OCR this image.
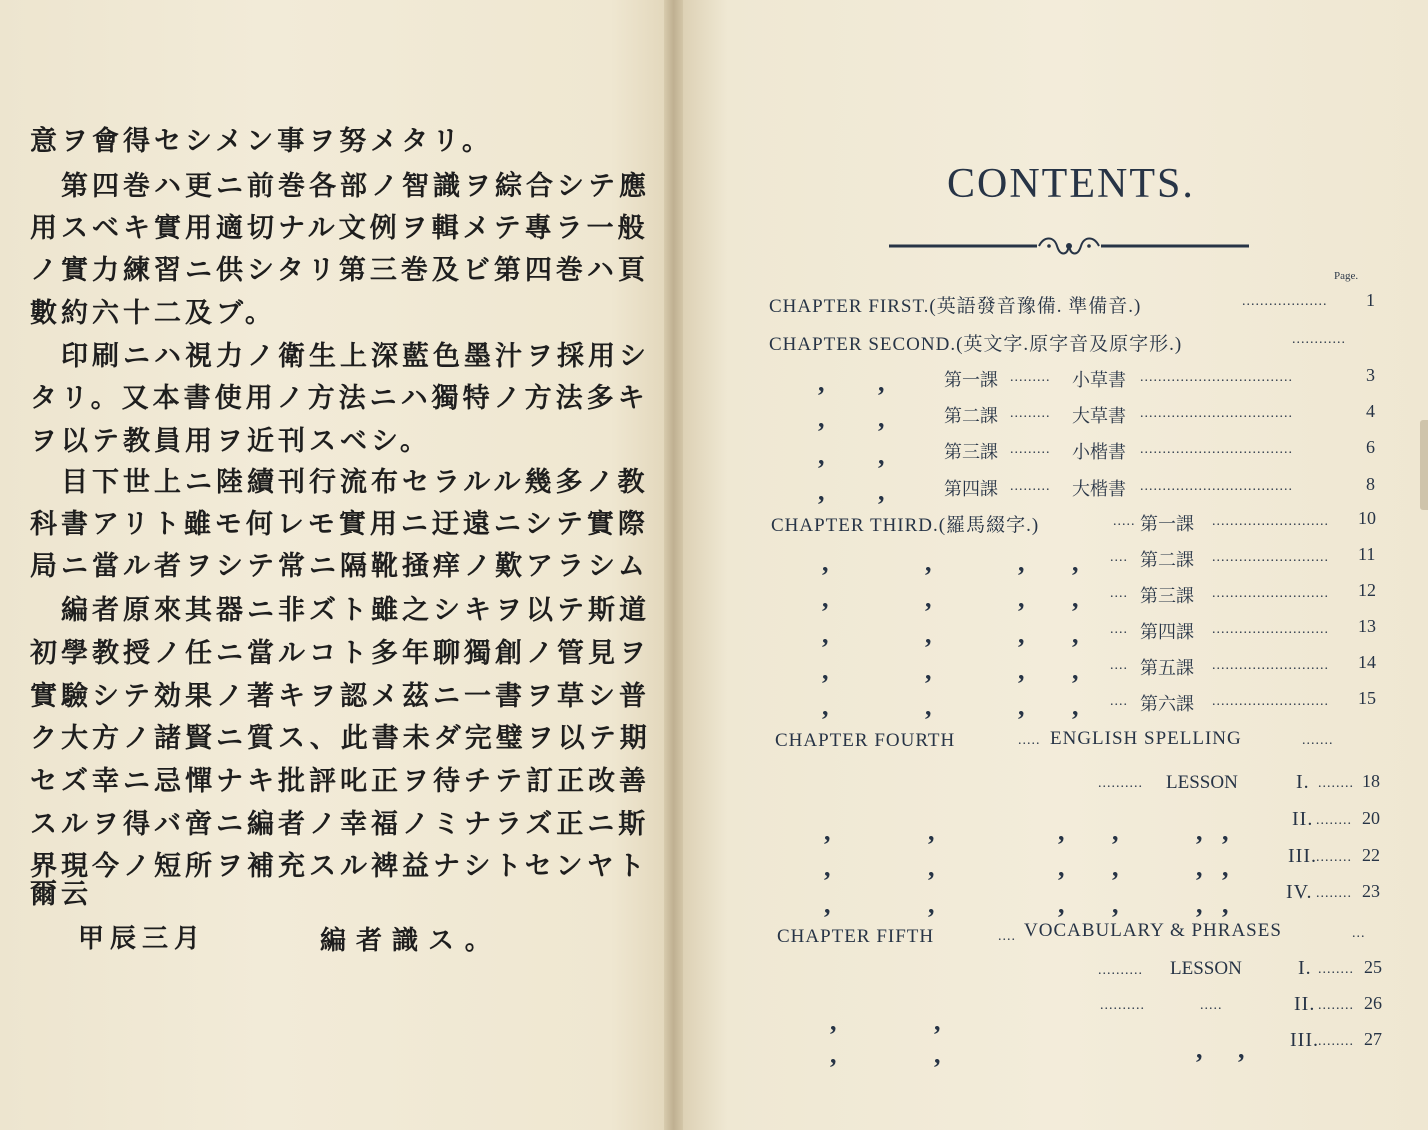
意ヲ會得セシメン事ヲ努メタリ。
　第四巻ハ更ニ前巻各部ノ智識ヲ綜合シテ應
用スベキ實用適切ナル文例ヲ輯メテ專ラ一般
ノ實力練習ニ供シタリ第三巻及ビ第四巻ハ頁
數約六十二及ブ。
　印刷ニハ視力ノ衛生上深藍色墨汁ヲ採用シ
タリ。又本書使用ノ方法ニハ獨特ノ方法多キ
ヲ以テ教員用ヲ近刊スベシ。
　目下世上ニ陸續刊行流布セラルル幾多ノ教
科書アリト雖モ何レモ實用ニ迂遠ニシテ實際
局ニ當ル者ヲシテ常ニ隔靴掻痒ノ歎アラシム
　編者原來其器ニ非ズト雖之シキヲ以テ斯道
初學教授ノ任ニ當ルコト多年聊獨創ノ管見ヲ
實驗シテ効果ノ著キヲ認メ茲ニ一書ヲ草シ普
ク大方ノ諸賢ニ質ス、此書未ダ完璧ヲ以テ期
セズ幸ニ忌憚ナキ批評叱正ヲ待チテ訂正改善
スルヲ得バ啻ニ編者ノ幸福ノミナラズ正ニ斯
界現今ノ短所ヲ補充スル裨益ナシトセンヤト
爾云
甲辰三月	編者識ス。

CONTENTS.
Page.
CHAPTER FIRST.(英語發音豫備. 準備音.)	................... 1
CHAPTER SECOND.(英文字.原字音及原字形.)	............
, ,	第一課 ......... 小草書 ..................................	3
, ,	第二課 ......... 大草書 ..................................	4
, ,	第三課 ......... 小楷書 ..................................	6
, ,	第四課 ......... 大楷書 ..................................	8
CHAPTER THIRD.(羅馬綴字.)	..... 第一課 .......................... 10
,	,	, , .... 第二課 .......................... 11
,	,	, , .... 第三課 .......................... 12
,	,	, , .... 第四課 .......................... 13
,	,	, , .... 第五課 .......................... 14
,	,	, , .... 第六課 .......................... 15
CHAPTER FOURTH	..... ENGLISH SPELLING	.......
.......... LESSON	I. ........ 18
,	,	, ,	, ,	II. ........ 20
,	,	, ,	, ,	III. ........ 22
,	,	, ,	, ,	IV. ........ 23
CHAPTER FIFTH	.... VOCABULARY & PHRASES	...
.......... LESSON	I. ........ 25
..........	.....	II. ........ 26
,	,
,	,	, , III. ........ 27
